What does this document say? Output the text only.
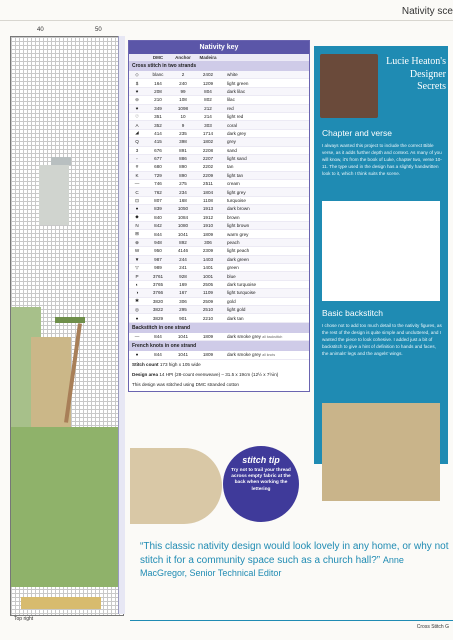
Nativity sce
40	50
Top right
Nativity key
DMC	Anchor	Madeira
Cross stitch in two strands
◇	blanc	2	2402	white
$	164	240	1209	light green
♥	208	99	804	dark lilac
⊖	210	108	802	lilac
♥	349	1098	212	red
♡	351	10	214	light red
A	352	9	303	coral
◢	414	235	1714	dark grey
Q	415	398	1802	grey
3	676	891	2208	sand
◦	677	886	2207	light sand
#	680	890	2202	tan
K	729	890	2209	light tan
—	746	275	2511	cream
C	762	234	1804	light grey
⊡	807	168	1108	turquoise
●	839	1050	1913	dark brown
◆	840	1084	1912	brown
N	842	1080	1910	light brown
⊞	844	1041	1809	warm grey
⊕	948	892	306	peach
W	950	4146	2309	light peach
▼	987	244	1403	dark green
▽	989	241	1401	green
P	3761	928	1001	blue
◐	3765	169	2505	dark turquoise
◑	3766	167	1109	light turquoise
✱	3820	306	2509	gold
◎	3822	295	2510	light gold
●	3829	901	2210	dark tan
Backstitch in one strand
—	844	1041	1809	dark smoke grey all backstitch
French knots in one strand
●	844	1041	1809	dark smoke grey all knots
Stitch count 173 high x 105 wide
Design area 14 HPI (28-count evenweave) – 31.5 x 19cm (12½ x 7½in)
This design was stitched using DMC stranded cotton
Lucie Heaton's Designer Secrets
Chapter and verse
I always wanted this project to include the correct Bible verse, as it adds further depth and context. As many of you will know, it's from the book of Luke, chapter two, verse 10-11. The type used in the design has a slightly handwritten look to it, which I think suits the scene.
Basic backstitch
I chose not to add too much detail to the nativity figures, as the rest of the design is quite simple and uncluttered, and I wanted the piece to look cohesive. I added just a bit of backstitch to give a hint of definition to hands and faces, the animals' legs and the angels' wings.
stitch tip
Try not to trail your thread across empty fabric at the back when working the lettering
“This classic nativity design would look lovely in any home, or why not stitch it for a community space such as a church hall?” Anne MacGregor, Senior Technical Editor
Cross Stitch G
